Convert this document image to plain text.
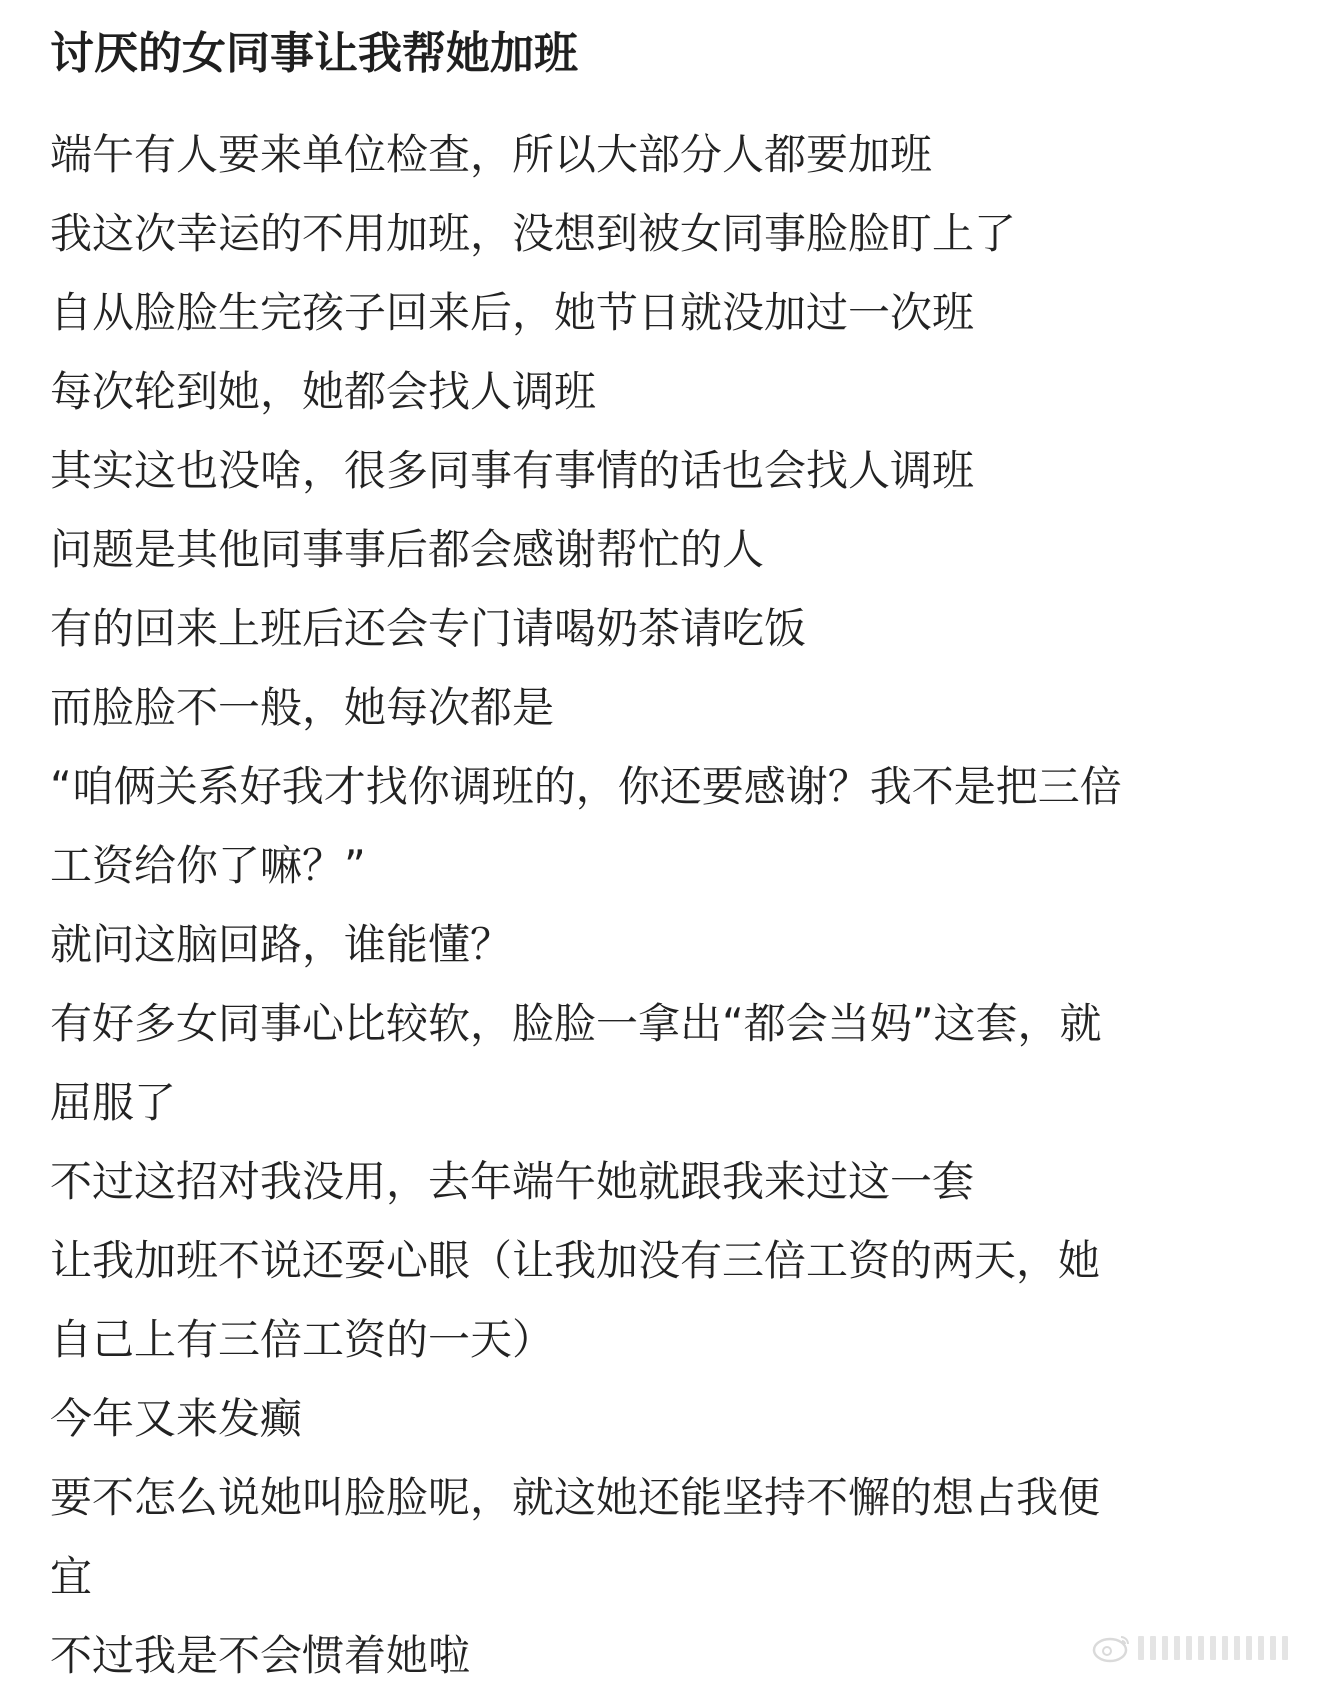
讨厌的女同事让我帮她加班

端午有人要来单位检查，所以大部分人都要加班

我这次幸运的不用加班，没想到被女同事脸脸盯上了

自从脸脸生完孩子回来后，她节日就没加过一次班

每次轮到她，她都会找人调班

其实这也没啥，很多同事有事情的话也会找人调班

问题是其他同事事后都会感谢帮忙的人

有的回来上班后还会专门请喝奶茶请吃饭

而脸脸不一般，她每次都是

“咱俩关系好我才找你调班的，你还要感谢？我不是把三倍

工资给你了嘛？”

就问这脑回路，谁能懂？

有好多女同事心比较软，脸脸一拿出“都会当妈”这套，就

屈服了

不过这招对我没用，去年端午她就跟我来过这一套

让我加班不说还耍心眼（让我加没有三倍工资的两天，她

自己上有三倍工资的一天）

今年又来发癫

要不怎么说她叫脸脸呢，就这她还能坚持不懈的想占我便

宜

不过我是不会惯着她啦
